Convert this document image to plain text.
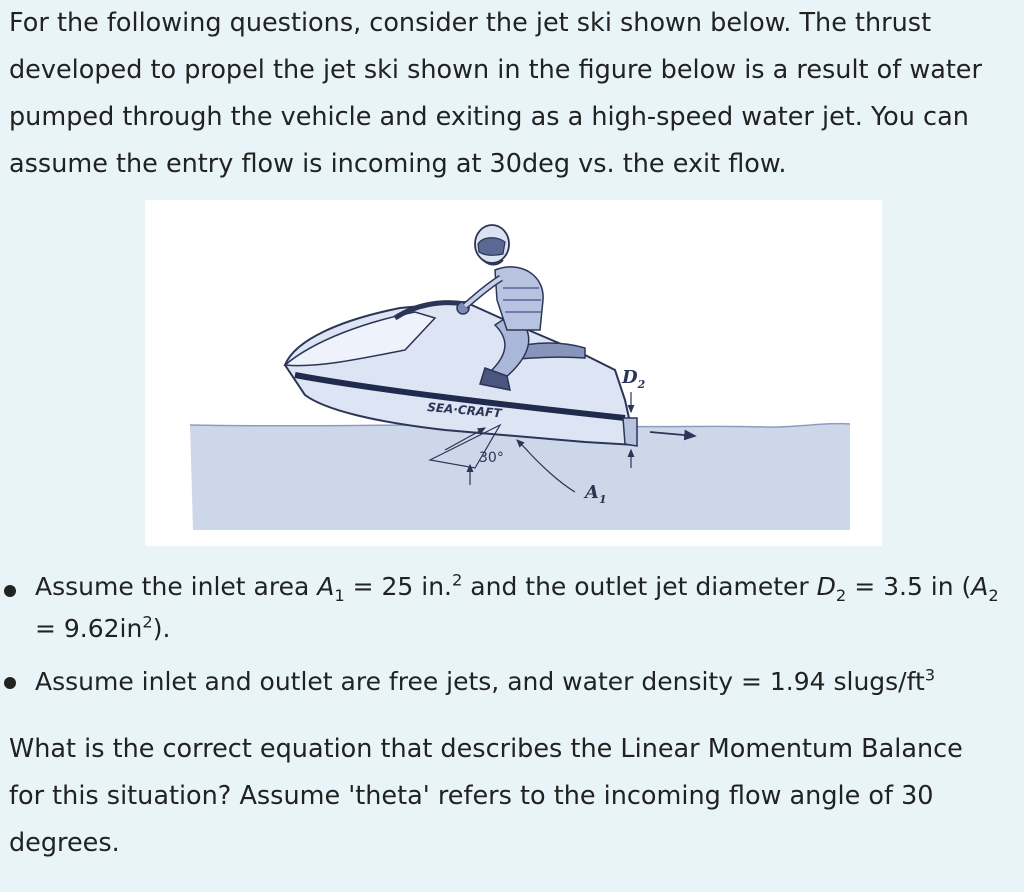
For the following questions, consider the jet ski shown below. The thrust developed to propel the jet ski shown in the figure below is a result of water pumped through the vehicle and exiting as a high-speed water jet. You can assume the entry flow is incoming at 30deg vs. the exit flow.

SEA·CRAFT
30°
$A_1$
$D_2$
Assume the inlet area $A_1 = 25$ in.$^2$ and the outlet jet diameter $D_2 = 3.5$ in $(A_2 = 9.62in^2)$.
Assume inlet and outlet are free jets, and water density = 1.94 slugs/$ft^3$

What is the correct equation that describes the Linear Momentum Balance for this situation? Assume 'theta' refers to the incoming flow angle of 30 degrees.
